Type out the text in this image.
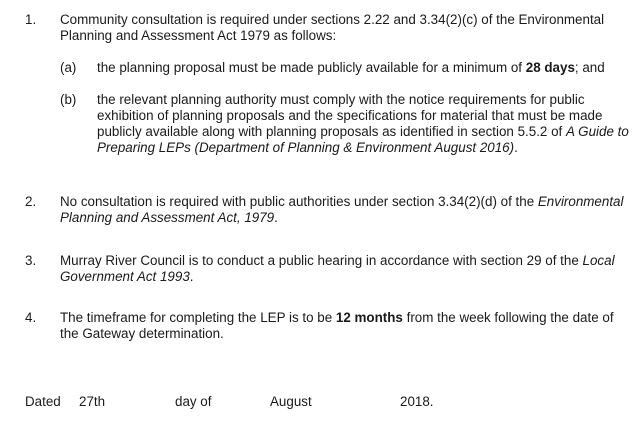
1. Community consultation is required under sections 2.22 and 3.34(2)(c) of the Environmental Planning and Assessment Act 1979 as follows:
(a) the planning proposal must be made publicly available for a minimum of 28 days; and
(b) the relevant planning authority must comply with the notice requirements for public exhibition of planning proposals and the specifications for material that must be made publicly available along with planning proposals as identified in section 5.5.2 of A Guide to Preparing LEPs (Department of Planning & Environment August 2016).
2. No consultation is required with public authorities under section 3.34(2)(d) of the Environmental Planning and Assessment Act, 1979.
3. Murray River Council is to conduct a public hearing in accordance with section 29 of the Local Government Act 1993.
4. The timeframe for completing the LEP is to be 12 months from the week following the date of the Gateway determination.
Dated 27th	day of	August	2018.
